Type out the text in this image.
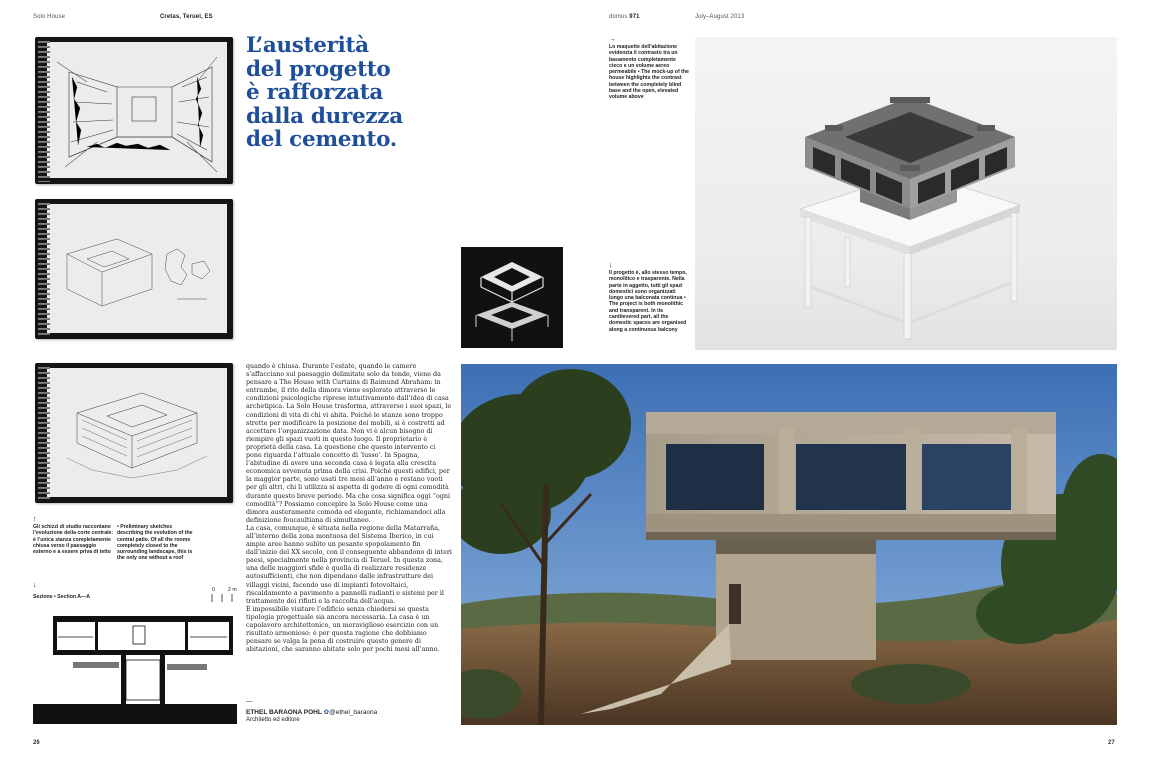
Solo House	Cretas, Teruel, ES	domus 971	July–August 2013
L’austerità
del progetto
è rafforzata
dalla durezza
del cemento.
↑
Gli schizzi di studio raccontano l’evoluzione della corte centrale: è l’unica stanza completamente chiusa verso il paesaggio esterno e a essere priva di tetto
• Preliminary sketches describing the evolution of the central patio. Of all the rooms completely closed to the surrounding landscape, this is the only one without a roof
↓
Sezione • Section A—A
0	2 m

quando è chiusa. Durante l’estate, quando le camere s’affacciano sul paesaggio delimitate solo da tende, viene da pensare a The House with Curtains di Raimund Abraham: in entrambe, il rito della dimora viene esplorato attraverso le condizioni psicologiche riprese intuitivamente dall’idea di casa archetipica. La Solo House trasforma, attraverso i suoi spazi, le condizioni di vita di chi vi abita. Poiché le stanze sono troppo strette per modificare la posizione dei mobili, si è costretti ad accettare l’organizzazione data. Non vi è alcun bisogno di riempire gli spazi vuoti in questo luogo. Il proprietario è proprietà della casa. La questione che questo intervento ci pone riguarda l’attuale concetto di ‘lusso’. In Spagna, l’abitudine di avere una seconda casa è legata alla crescita economica avvenuta prima della crisi. Poiché questi edifici, per la maggior parte, sono usati tre mesi all’anno e restano vuoti per gli altri, chi li utilizza si aspetta di godere di ogni comodità durante questo breve periodo. Ma che cosa significa oggi “ogni comodità”? Possiamo concepire la Solo House come una dimora austeramente comoda ed elegante, richiamandoci alla definizione foucaultiana di simultaneo.

La casa, comunque, è situata nella regione della Matarraña, all’interno della zona montuosa del Sistema Iberico, in cui ampie aree hanno subìto un pesante spopolamento fin dall’inizio del XX secolo, con il conseguente abbandono di interi paesi, specialmente nella provincia di Teruel. In questa zona, una delle maggiori sfide è quella di realizzare residenze autosufficienti, che non dipendano dalle infrastrutture dei villaggi vicini, facendo uso di impianti fotovoltaici, riscaldamento a pavimento a pannelli radianti e sistemi per il trattamento dei rifiuti e la raccolta dell’acqua.

È impossibile visitare l’edificio senza chiedersi se questa tipologia progettuale sia ancora necessaria. La casa è un capolavoro architettonico, un meraviglioso esercizio con un risultato armonioso: è per questa ragione che dobbiamo pensare se valga la pena di costruire questo genere di abitazioni, che saranno abitate solo per pochi mesi all’anno.

—
ETHEL BARAONA POHL ✿@ethel_baraona
Architetto ed editore
26	27
→
Lo maquette dell’abitazione evidenzia il contrasto tra un basamento completamente cieco e un volume aereo permeabile • The mock-up of the house highlights the contrast between the completely blind base and the open, elevated volume above
↓
Il progetto è, allo stesso tempo, monolitico e trasparente. Nella parte in aggetto, tutti gli spazi domestici sono organizzati lungo una balconata continua • The project is both monolithic and transparent. In its cantilevered part, all the domestic spaces are organised along a continuous balcony
